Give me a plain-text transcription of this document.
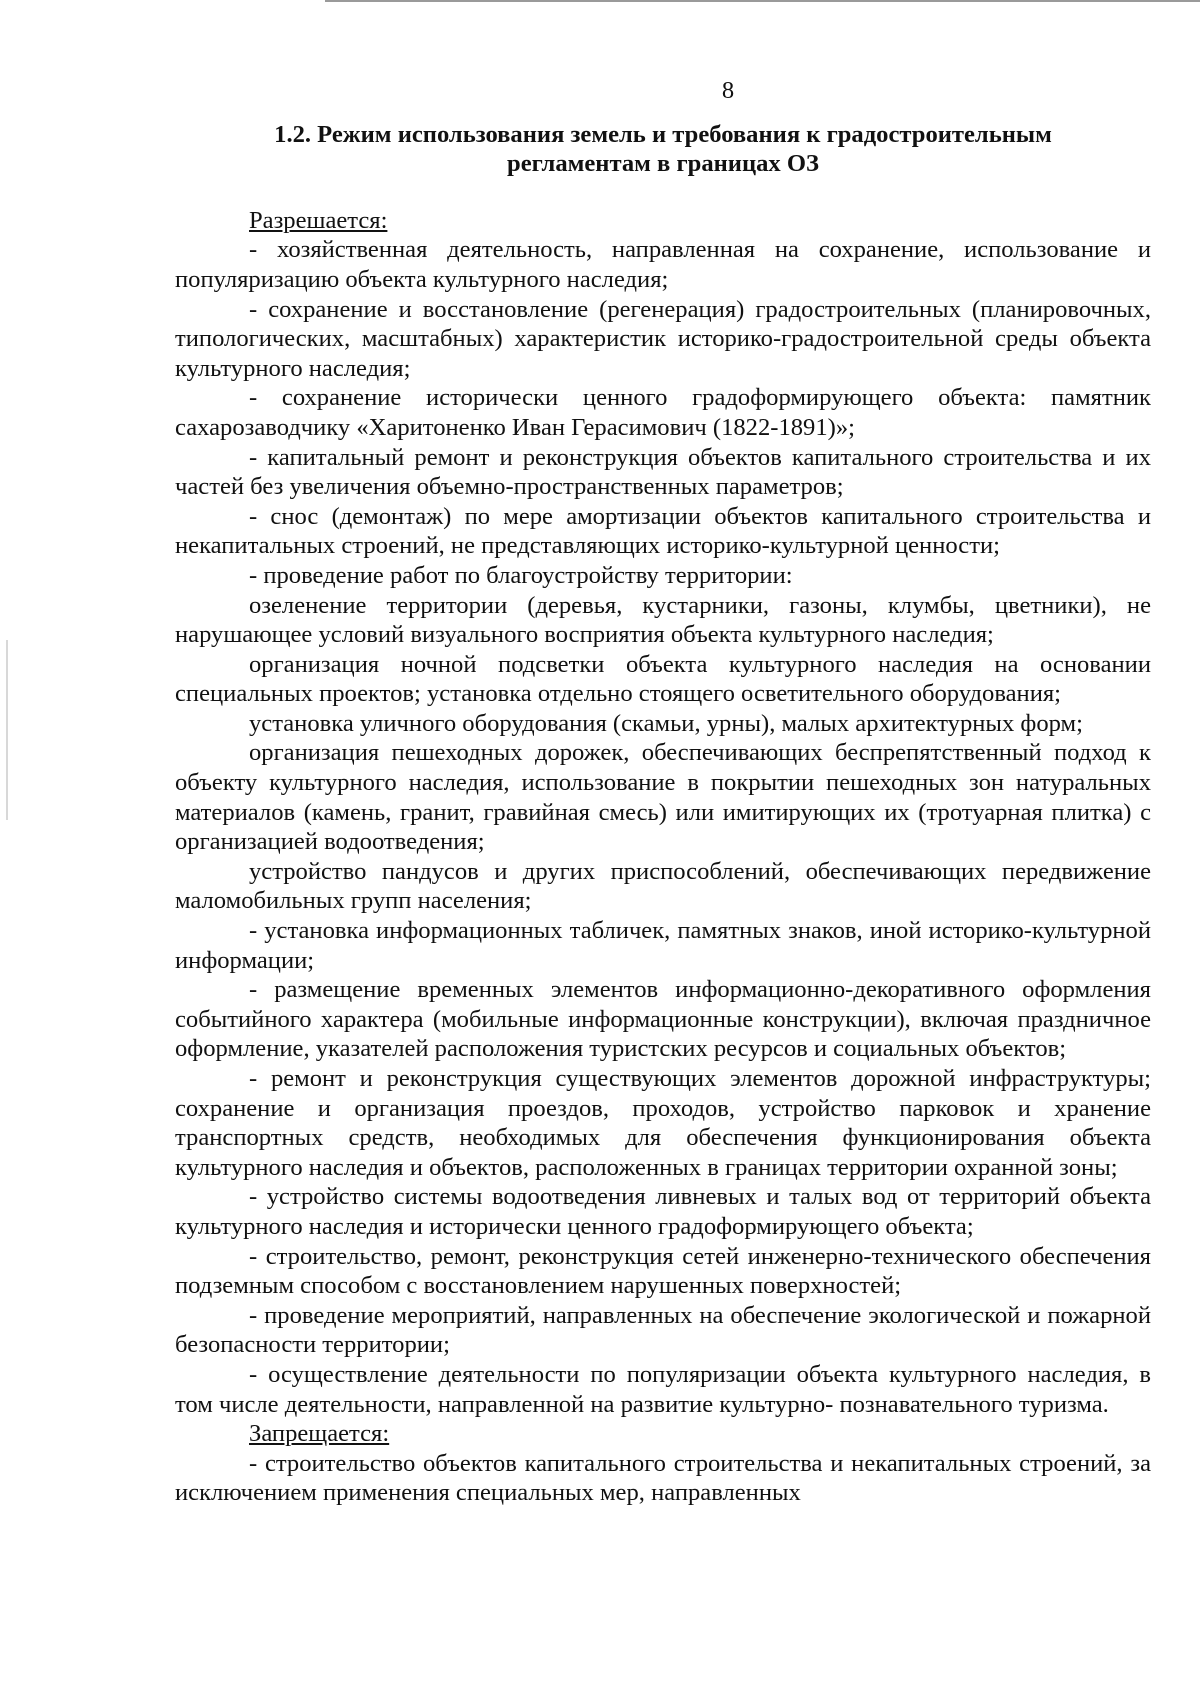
8
1.2. Режим использования земель и требования к градостроительным
регламентам в границах ОЗ

Разрешается:

- хозяйственная деятельность, направленная на сохранение, использование и популяризацию объекта культурного наследия;

- сохранение и восстановление (регенерация) градостроительных (планировочных, типологических, масштабных) характеристик историко-градостроительной среды объекта культурного наследия;

- сохранение исторически ценного градоформирующего объекта: памятник сахарозаводчику «Харитоненко Иван Герасимович (1822-1891)»;

- капитальный ремонт и реконструкция объектов капитального строительства и их частей без увеличения объемно-пространственных параметров;

- снос (демонтаж) по мере амортизации объектов капитального строительства и некапитальных строений, не представляющих историко-культурной ценности;

- проведение работ по благоустройству территории:

озеленение территории (деревья, кустарники, газоны, клумбы, цветники), не нарушающее условий визуального восприятия объекта культурного наследия;

организация ночной подсветки объекта культурного наследия на основании специальных проектов; установка отдельно стоящего осветительного оборудования;

установка уличного оборудования (скамьи, урны), малых архитектурных форм;

организация пешеходных дорожек, обеспечивающих беспрепятственный подход к объекту культурного наследия, использование в покрытии пешеходных зон натуральных материалов (камень, гранит, гравийная смесь) или имитирующих их (тротуарная плитка) с организацией водоотведения;

устройство пандусов и других приспособлений, обеспечивающих передвижение маломобильных групп населения;

- установка информационных табличек, памятных знаков, иной историко-культурной информации;

- размещение временных элементов информационно-декоративного оформления событийного характера (мобильные информационные конструкции), включая праздничное оформление, указателей расположения туристских ресурсов и социальных объектов;

- ремонт и реконструкция существующих элементов дорожной инфраструктуры; сохранение и организация проездов, проходов, устройство парковок и хранение транспортных средств, необходимых для обеспечения функционирования объекта культурного наследия и объектов, расположенных в границах территории охранной зоны;

- устройство системы водоотведения ливневых и талых вод от территорий объекта культурного наследия и исторически ценного градоформирующего объекта;

- строительство, ремонт, реконструкция сетей инженерно-технического обеспечения подземным способом с восстановлением нарушенных поверхностей;

- проведение мероприятий, направленных на обеспечение экологической и пожарной безопасности территории;

- осуществление деятельности по популяризации объекта культурного наследия, в том числе деятельности, направленной на развитие культурно- познавательного туризма.

Запрещается:

- строительство объектов капитального строительства и некапитальных строений, за исключением применения специальных мер, направленных
